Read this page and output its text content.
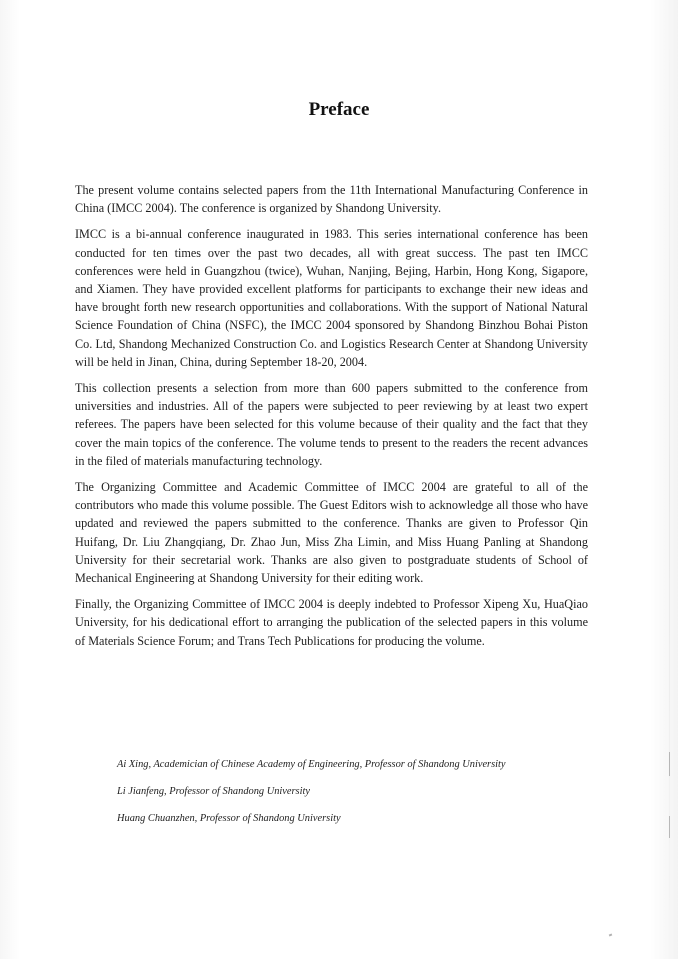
Preface

The present volume contains selected papers from the 11th International Manufacturing Conference in China (IMCC 2004). The conference is organized by Shandong University.

IMCC is a bi-annual conference inaugurated in 1983. This series international conference has been conducted for ten times over the past two decades, all with great success. The past ten IMCC conferences were held in Guangzhou (twice), Wuhan, Nanjing, Bejing, Harbin, Hong Kong, Sigapore, and Xiamen. They have provided excellent platforms for participants to exchange their new ideas and have brought forth new research opportunities and collaborations. With the support of National Natural Science Foundation of China (NSFC), the IMCC 2004 sponsored by Shandong Binzhou Bohai Piston Co. Ltd, Shandong Mechanized Construction Co. and Logistics Research Center at Shandong University will be held in Jinan, China, during September 18-20, 2004.

This collection presents a selection from more than 600 papers submitted to the conference from universities and industries. All of the papers were subjected to peer reviewing by at least two expert referees. The papers have been selected for this volume because of their quality and the fact that they cover the main topics of the conference. The volume tends to present to the readers the recent advances in the filed of materials manufacturing technology.

The Organizing Committee and Academic Committee of IMCC 2004 are grateful to all of the contributors who made this volume possible. The Guest Editors wish to acknowledge all those who have updated and reviewed the papers submitted to the conference. Thanks are given to Professor Qin Huifang, Dr. Liu Zhangqiang, Dr. Zhao Jun, Miss Zha Limin, and Miss Huang Panling at Shandong University for their secretarial work. Thanks are also given to postgraduate students of School of Mechanical Engineering at Shandong University for their editing work.

Finally, the Organizing Committee of IMCC 2004 is deeply indebted to Professor Xipeng Xu, HuaQiao University, for his dedicational effort to arranging the publication of the selected papers in this volume of Materials Science Forum; and Trans Tech Publications for producing the volume.

Ai Xing, Academician of Chinese Academy of Engineering, Professor of Shandong University
Li Jianfeng, Professor of Shandong University
Huang Chuanzhen, Professor of Shandong University
